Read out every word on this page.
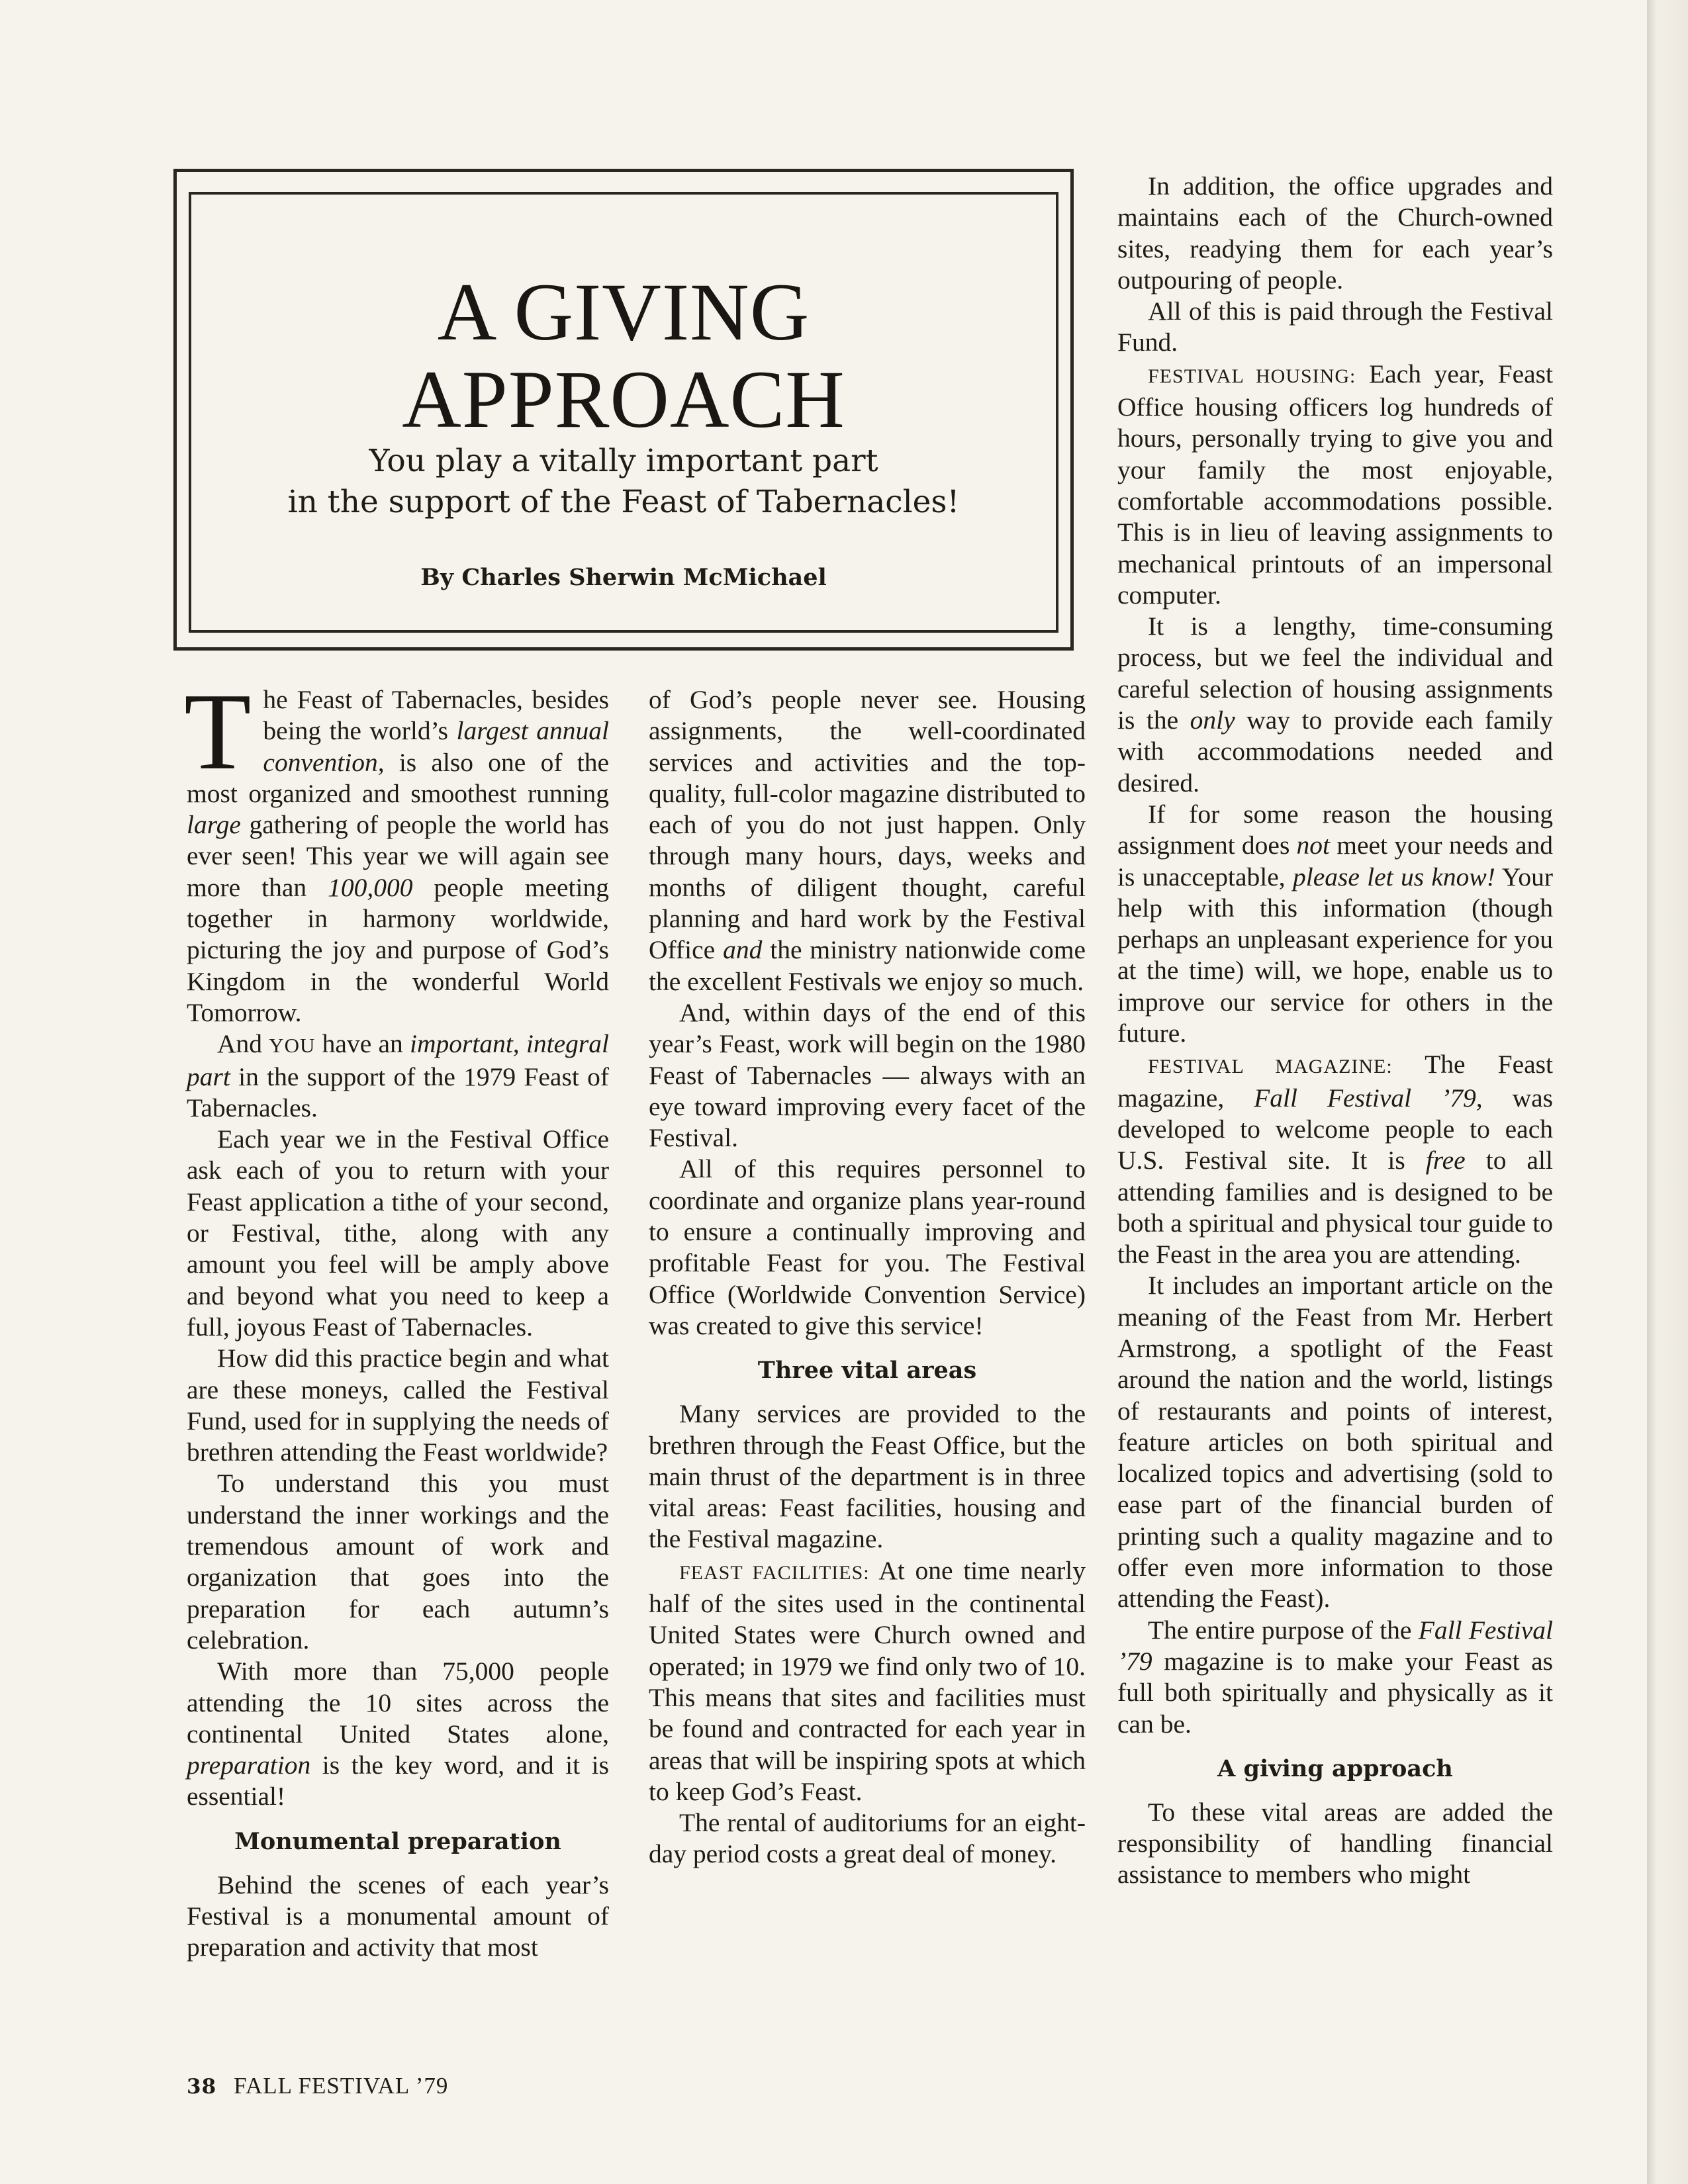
A GIVING
APPROACH
You play a vitally important part
in the support of the Feast of Tabernacles!
By Charles Sherwin McMichael

The Feast of Tabernacles, besides being the world’s largest annual convention, is also one of the most organized and smoothest running large gathering of people the world has ever seen! This year we will again see more than 100,000 people meeting together in harmony worldwide, picturing the joy and purpose of God’s Kingdom in the wonderful World Tomorrow.

And YOU have an important, integral part in the support of the 1979 Feast of Tabernacles.

Each year we in the Festival Office ask each of you to return with your Feast application a tithe of your second, or Festival, tithe, along with any amount you feel will be amply above and beyond what you need to keep a full, joyous Feast of Tabernacles.

How did this practice begin and what are these moneys, called the Festival Fund, used for in supplying the needs of brethren attending the Feast worldwide?

To understand this you must understand the inner workings and the tremendous amount of work and organization that goes into the preparation for each autumn’s celebration.

With more than 75,000 people attending the 10 sites across the continental United States alone, preparation is the key word, and it is essential!

Monumental preparation

Behind the scenes of each year’s Festival is a monumental amount of preparation and activity that most

of God’s people never see. Housing assignments, the well-coordinated services and activities and the top-quality, full-color magazine distributed to each of you do not just happen. Only through many hours, days, weeks and months of diligent thought, careful planning and hard work by the Festival Office and the ministry nationwide come the excellent Festivals we enjoy so much.

And, within days of the end of this year’s Feast, work will begin on the 1980 Feast of Tabernacles — always with an eye toward improving every facet of the Festival.

All of this requires personnel to coordinate and organize plans year-round to ensure a continually improving and profitable Feast for you. The Festival Office (Worldwide Convention Service) was created to give this service!

Three vital areas

Many services are provided to the brethren through the Feast Office, but the main thrust of the department is in three vital areas: Feast facilities, housing and the Festival magazine.

FEAST FACILITIES: At one time nearly half of the sites used in the continental United States were Church owned and operated; in 1979 we find only two of 10. This means that sites and facilities must be found and contracted for each year in areas that will be inspiring spots at which to keep God’s Feast.

The rental of auditoriums for an eight-day period costs a great deal of money.

In addition, the office upgrades and maintains each of the Church-owned sites, readying them for each year’s outpouring of people.

All of this is paid through the Festival Fund.

FESTIVAL HOUSING: Each year, Feast Office housing officers log hundreds of hours, personally trying to give you and your family the most enjoyable, comfortable accommodations possible. This is in lieu of leaving assignments to mechanical printouts of an impersonal computer.

It is a lengthy, time-consuming process, but we feel the individual and careful selection of housing assignments is the only way to provide each family with accommodations needed and desired.

If for some reason the housing assignment does not meet your needs and is unacceptable, please let us know! Your help with this information (though perhaps an unpleasant experience for you at the time) will, we hope, enable us to improve our service for others in the future.

FESTIVAL MAGAZINE: The Feast magazine, Fall Festival ’79, was developed to welcome people to each U.S. Festival site. It is free to all attending families and is designed to be both a spiritual and physical tour guide to the Feast in the area you are attending.

It includes an important article on the meaning of the Feast from Mr. Herbert Armstrong, a spotlight of the Feast around the nation and the world, listings of restaurants and points of interest, feature articles on both spiritual and localized topics and advertising (sold to ease part of the financial burden of printing such a quality magazine and to offer even more information to those attending the Feast).

The entire purpose of the Fall Festival ’79 magazine is to make your Feast as full both spiritually and physically as it can be.

A giving approach

To these vital areas are added the responsibility of handling financial assistance to members who might

38 FALL FESTIVAL ’79
